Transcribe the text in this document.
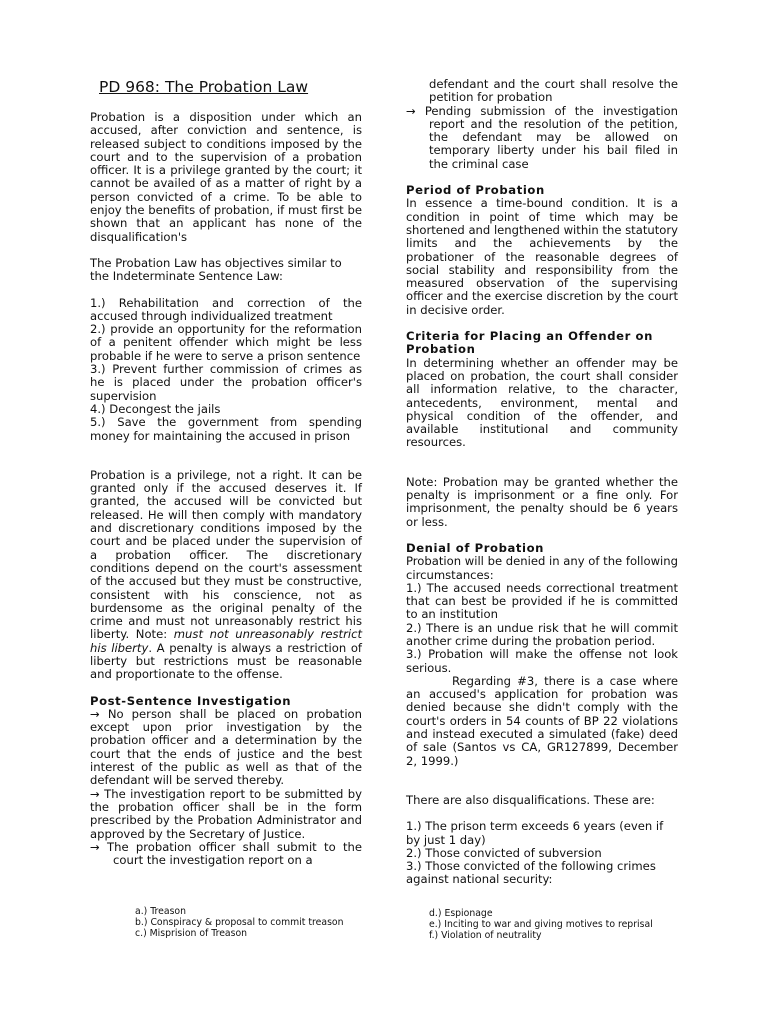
PD 968: The Probation Law

Probation is a disposition under which an accused, after conviction and sentence, is released subject to conditions imposed by the court and to the supervision of a probation officer. It is a privilege granted by the court; it cannot be availed of as a matter of right by a person convicted of a crime. To be able to enjoy the benefits of probation, if must first be shown that an applicant has none of the disqualification's

The Probation Law has objectives similar to the Indeterminate Sentence Law:

1.) Rehabilitation and correction of the accused through individualized treatment

2.) provide an opportunity for the reformation of a penitent offender which might be less probable if he were to serve a prison sentence

3.) Prevent further commission of crimes as he is placed under the probation officer's supervision

4.) Decongest the jails

5.) Save the government from spending money for maintaining the accused in prison

Probation is a privilege, not a right. It can be granted only if the accused deserves it. If granted, the accused will be convicted but released. He will then comply with mandatory and discretionary conditions imposed by the court and be placed under the supervision of a probation officer. The discretionary conditions depend on the court's assessment of the accused but they must be constructive, consistent with his conscience, not as burdensome as the original penalty of the crime and must not unreasonably restrict his liberty. Note: must not unreasonably restrict his liberty. A penalty is always a restriction of liberty but restrictions must be reasonable and proportionate to the offense.

Post-Sentence Investigation

→ No person shall be placed on probation except upon prior investigation by the probation officer and a determination by the court that the ends of justice and the best interest of the public as well as that of the defendant will be served thereby.

→ The investigation report to be submitted by the probation officer shall be in the form prescribed by the Probation Administrator and approved by the Secretary of Justice.

→ The probation officer shall submit to the court the investigation report on a

a.) Treason
b.) Conspiracy & proposal to commit treason
c.) Misprision of Treason

defendant and the court shall resolve the petition for probation

→ Pending submission of the investigation report and the resolution of the petition, the defendant may be allowed on temporary liberty under his bail filed in the criminal case

Period of Probation

In essence a time-bound condition. It is a condition in point of time which may be shortened and lengthened within the statutory limits and the achievements by the probationer of the reasonable degrees of social stability and responsibility from the measured observation of the supervising officer and the exercise discretion by the court in decisive order.

Criteria for Placing an Offender on Probation

In determining whether an offender may be placed on probation, the court shall consider all information relative, to the character, antecedents, environment, mental and physical condition of the offender, and available institutional and community resources.

Note: Probation may be granted whether the penalty is imprisonment or a fine only. For imprisonment, the penalty should be 6 years or less.

Denial of Probation

Probation will be denied in any of the following circumstances:

1.) The accused needs correctional treatment that can best be provided if he is committed to an institution

2.) There is an undue risk that he will commit another crime during the probation period.

3.) Probation will make the offense not look serious.

Regarding #3, there is a case where an accused's application for probation was denied because she didn't comply with the court's orders in 54 counts of BP 22 violations and instead executed a simulated (fake) deed of sale (Santos vs CA, GR127899, December 2, 1999.)

There are also disqualifications. These are:

1.) The prison term exceeds 6 years (even if by just 1 day)

2.) Those convicted of subversion

3.) Those convicted of the following crimes against national security:

d.) Espionage
e.) Inciting to war and giving motives to reprisal
f.) Violation of neutrality
